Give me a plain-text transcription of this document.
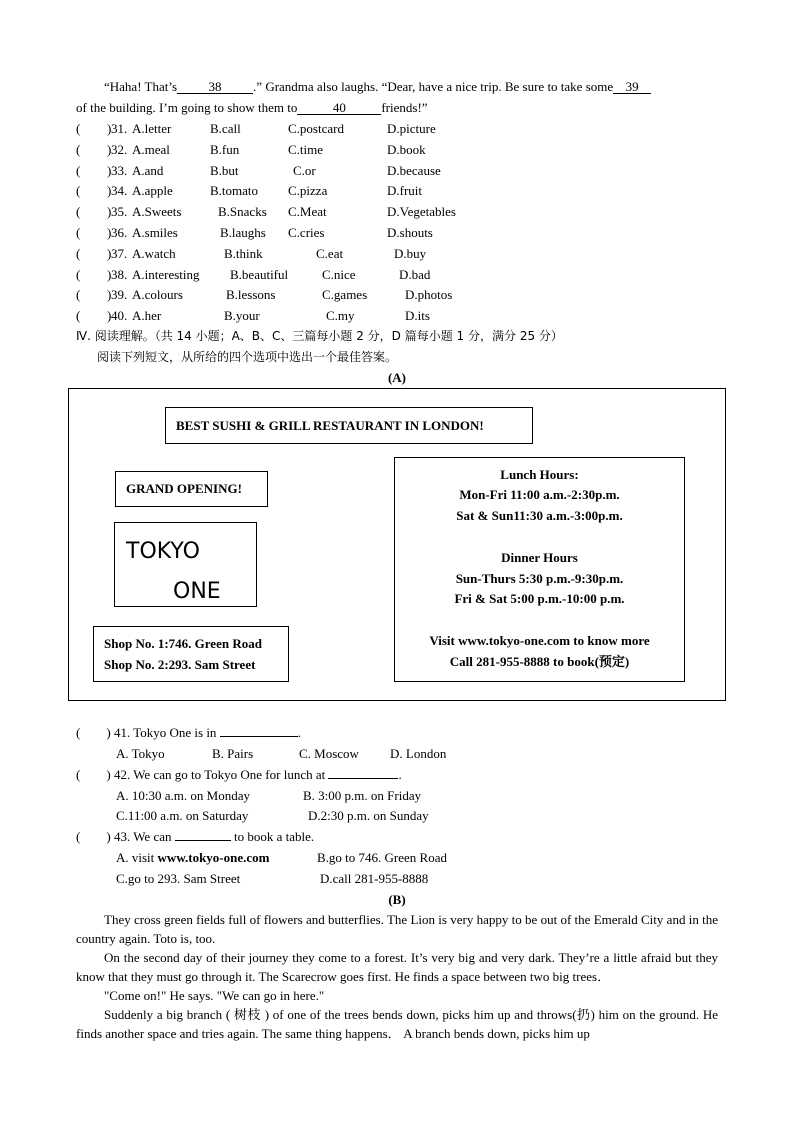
“Haha! That’s 38 .” Grandma also laughs. “Dear, have a nice trip. Be sure to take some 39
of the building. I’m going to show them to	40	friends!”
( ) 31. A.letter	B.call	C.postcard	D.picture
( ) 32. A.meal	B.fun	C.time	D.book
( ) 33. A.and	B.but	C.or	D.because
( ) 34. A.apple	B.tomato C.pizza	D.fruit
( ) 35. A.Sweets	B.Snacks C.Meat	D.Vegetables
( ) 36. A.smiles	B.laughs C.cries	D.shouts
( ) 37. A.watch	B.think	C.eat	D.buy
( ) 38. A.interesting B.beautiful	C.nice	D.bad
( ) 39. A.colours	B.lessons	C.games	D.photos
( ) 40. A.her	B.your	C.my	D.its
Ⅳ. 阅读理解。（共 14 小题；A、B、C、三篇每小题 2 分，D 篇每小题 1 分，满分 25 分）
阅读下列短文，从所给的四个选项中选出一个最佳答案。
(A)
BEST SUSHI & GRILL RESTAURANT IN LONDON!
GRAND OPENING!
TOKYO
ONE
Shop No. 1:746. Green Road
Shop No. 2:293. Sam Street
Lunch Hours:
Mon-Fri 11:00 a.m.-2:30p.m.
Sat & Sun11:30 a.m.-3:00p.m.
Dinner Hours
Sun-Thurs 5:30 p.m.-9:30p.m.
Fri & Sat 5:00 p.m.-10:00 p.m.
Visit www.tokyo-one.com to know more
Call 281-955-8888 to book(预定)
( ) 41. Tokyo One is in	.
A. Tokyo	B. Pairs	C. Moscow D. London
( ) 42. We can go to Tokyo One for lunch at	.
A. 10:30 a.m. on Monday	B. 3:00 p.m. on Friday
C.11:00 a.m. on Saturday	D.2:30 p.m. on Sunday
( ) 43. We can	to book a table.
A. visit www.tokyo-one.com	B.go to 746. Green Road
C.go to 293. Sam Street	D.call 281-955-8888
(B)
They cross green fields full of flowers and butterflies. The Lion is very happy to be out of the Emerald City and in the country again. Toto is, too.
On the second day of their journey they come to a forest. It’s very big and very dark. They’re a little afraid but they know that they must go through it. The Scarecrow goes first. He finds a space between two big trees．
"Come on!" He says. "We can go in here."
Suddenly a big branch ( 树枝 ) of one of the trees bends down, picks him up and throws(扔) him on the ground. He finds another space and tries again. The same thing happens． A branch bends down, picks him up
